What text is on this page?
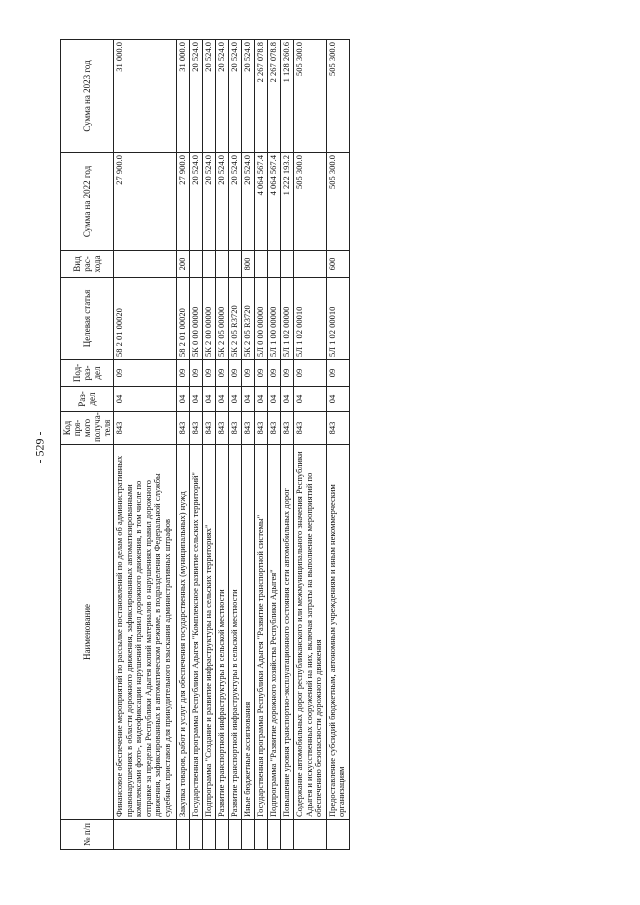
- 529 -
№ п/п	Наименование	Код пря-мого получа-теля	Раз-дел	Под-раз-дел	Целевая статья	Вид рас-хода	Сумма на 2022 год	Сумма на 2023 год
	Финансовое обеспечение мероприятий по рассылке постановлений по делам об административных правонарушениях в области дорожного движения, зафиксированных автоматизированными комплексами фото-, видеофиксации нарушений правил дорожного движения, в том числе по отправке за пределы Республики Адыгея копий материалов о нарушениях правил дорожного движения, зафиксированных в автоматическом режиме, в подразделения Федеральной службы судебных приставов для принудительного взыскания административных штрафов	843	04	09	58 2 01 00020		27 900.0	31 000.0
	Закупка товаров, работ и услуг для обеспечения государственных (муниципальных) нужд	843	04	09	58 2 01 00020	200	27 900.0	31 000.0
	Государственная программа Республики Адыгея "Комплексное развитие сельских территорий"	843	04	09	5К 0 00 00000		20 524.0	20 524.0
	Подпрограмма "Создание и развитие инфраструктуры на сельских территориях"	843	04	09	5К 2 00 00000		20 524.0	20 524.0
	Развитие транспортной инфраструктуры в сельской местности	843	04	09	5К 2 05 00000		20 524.0	20 524.0
	Развитие транспортной инфраструктуры в сельской местности	843	04	09	5К 2 05 R3720		20 524.0	20 524.0
	Иные бюджетные ассигнования	843	04	09	5К 2 05 R3720	800	20 524.0	20 524.0
	Государственная программа Республики Адыгея "Развитие транспортной системы"	843	04	09	5Л 0 00 00000		4 064 567.4	2 267 078.8
	Подпрограмма "Развитие дорожного хозяйства Республики Адыгея"	843	04	09	5Л 1 00 00000		4 064 567.4	2 267 078.8
	Повышение уровня транспортно-эксплуатационного состояния сети автомобильных дорог	843	04	09	5Л 1 02 00000		1 222 193.2	1 128 260.6
	Содержание автомобильных дорог республиканского или межмуниципального значения Республики Адыгея и искусственных сооружений на них, включая затраты на выполнение мероприятий по обеспечению безопасности дорожного движения	843	04	09	5Л 1 02 00010		505 300.0	505 300.0
	Предоставление субсидий бюджетным, автономным учреждениям и иным некоммерческим организациям	843	04	09	5Л 1 02 00010	600	505 300.0	505 300.0
